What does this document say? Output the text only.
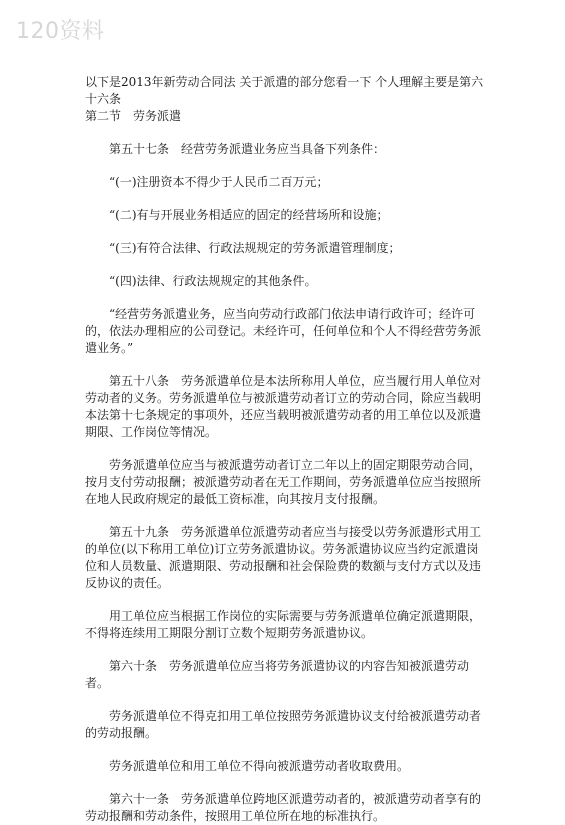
120资料

以下是2013年新劳动合同法 关于派遣的部分您看一下 个人理解主要是第六十六条

第二节　劳务派遣

第五十七条　经营劳务派遣业务应当具备下列条件：

“(一)注册资本不得少于人民币二百万元；

“(二)有与开展业务相适应的固定的经营场所和设施；

“(三)有符合法律、行政法规规定的劳务派遣管理制度；

“(四)法律、行政法规规定的其他条件。

“经营劳务派遣业务，应当向劳动行政部门依法申请行政许可；经许可的，依法办理相应的公司登记。未经许可，任何单位和个人不得经营劳务派遣业务。”

第五十八条　劳务派遣单位是本法所称用人单位，应当履行用人单位对劳动者的义务。劳务派遣单位与被派遣劳动者订立的劳动合同，除应当载明本法第十七条规定的事项外，还应当载明被派遣劳动者的用工单位以及派遣期限、工作岗位等情况。

劳务派遣单位应当与被派遣劳动者订立二年以上的固定期限劳动合同，按月支付劳动报酬；被派遣劳动者在无工作期间，劳务派遣单位应当按照所在地人民政府规定的最低工资标准，向其按月支付报酬。

第五十九条　劳务派遣单位派遣劳动者应当与接受以劳务派遣形式用工的单位(以下称用工单位)订立劳务派遣协议。劳务派遣协议应当约定派遣岗位和人员数量、派遣期限、劳动报酬和社会保险费的数额与支付方式以及违反协议的责任。

用工单位应当根据工作岗位的实际需要与劳务派遣单位确定派遣期限，不得将连续用工期限分割订立数个短期劳务派遣协议。

第六十条　劳务派遣单位应当将劳务派遣协议的内容告知被派遣劳动者。

劳务派遣单位不得克扣用工单位按照劳务派遣协议支付给被派遣劳动者的劳动报酬。

劳务派遣单位和用工单位不得向被派遣劳动者收取费用。

第六十一条　劳务派遣单位跨地区派遣劳动者的，被派遣劳动者享有的劳动报酬和劳动条件，按照用工单位所在地的标准执行。
